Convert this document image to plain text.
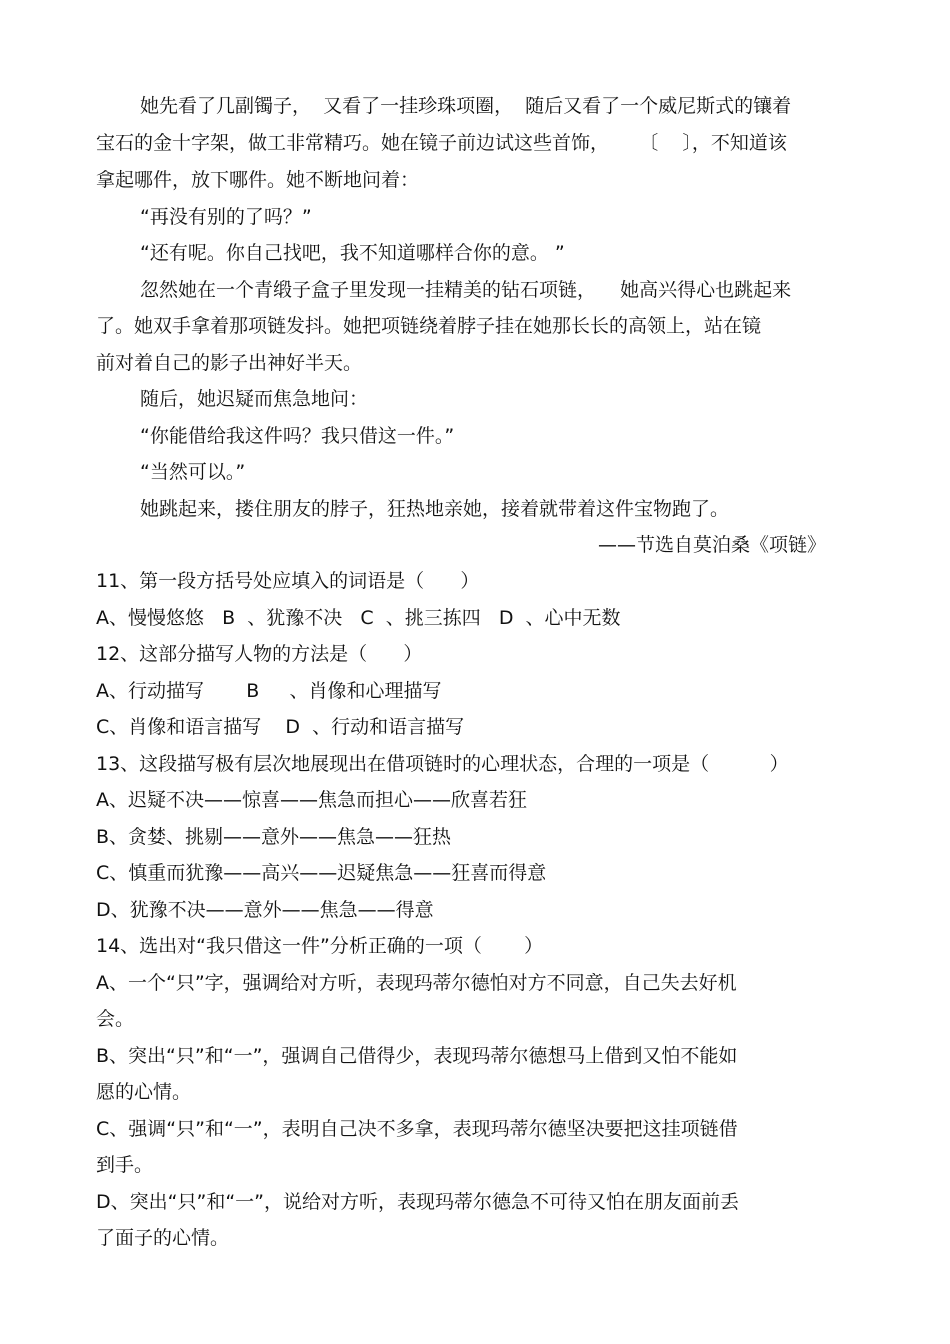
她先看了几副镯子，  又看了一挂珍珠项圈，  随后又看了一个威尼斯式的镶着
宝石的金十字架，做工非常精巧。她在镜子前边试这些首饰，     〔    〕，不知道该
拿起哪件，放下哪件。她不断地问着：
“再没有别的了吗？”
“还有呢。你自己找吧，我不知道哪样合你的意。 ”
忽然她在一个青缎子盒子里发现一挂精美的钻石项链，    她高兴得心也跳起来
了。她双手拿着那项链发抖。她把项链绕着脖子挂在她那长长的高领上，站在镜
前对着自己的影子出神好半天。
随后，她迟疑而焦急地问：
“你能借给我这件吗？我只借这一件。”
“当然可以。”
她跳起来，搂住朋友的脖子，狂热地亲她，接着就带着这件宝物跑了。
——节选自莫泊桑《项链》
11、第一段方括号处应填入的词语是（      ）
A、慢慢悠悠   B  、犹豫不决   C  、挑三拣四   D  、心中无数
12、这部分描写人物的方法是（      ）
A、行动描写       B     、肖像和心理描写
C、肖像和语言描写    D  、行动和语言描写
13、这段描写极有层次地展现出在借项链时的心理状态，合理的一项是（          ）
A、迟疑不决——惊喜——焦急而担心——欣喜若狂
B、贪婪、挑剔——意外——焦急——狂热
C、慎重而犹豫——高兴——迟疑焦急——狂喜而得意
D、犹豫不决——意外——焦急——得意
14、选出对“我只借这一件”分析正确的一项（       ）
A、一个“只”字，强调给对方听，表现玛蒂尔德怕对方不同意，自己失去好机
会。
B、突出“只”和“一”，强调自己借得少，表现玛蒂尔德想马上借到又怕不能如
愿的心情。
C、强调“只”和“一”，表明自己决不多拿，表现玛蒂尔德坚决要把这挂项链借
到手。
D、突出“只”和“一”，说给对方听，表现玛蒂尔德急不可待又怕在朋友面前丢
了面子的心情。
